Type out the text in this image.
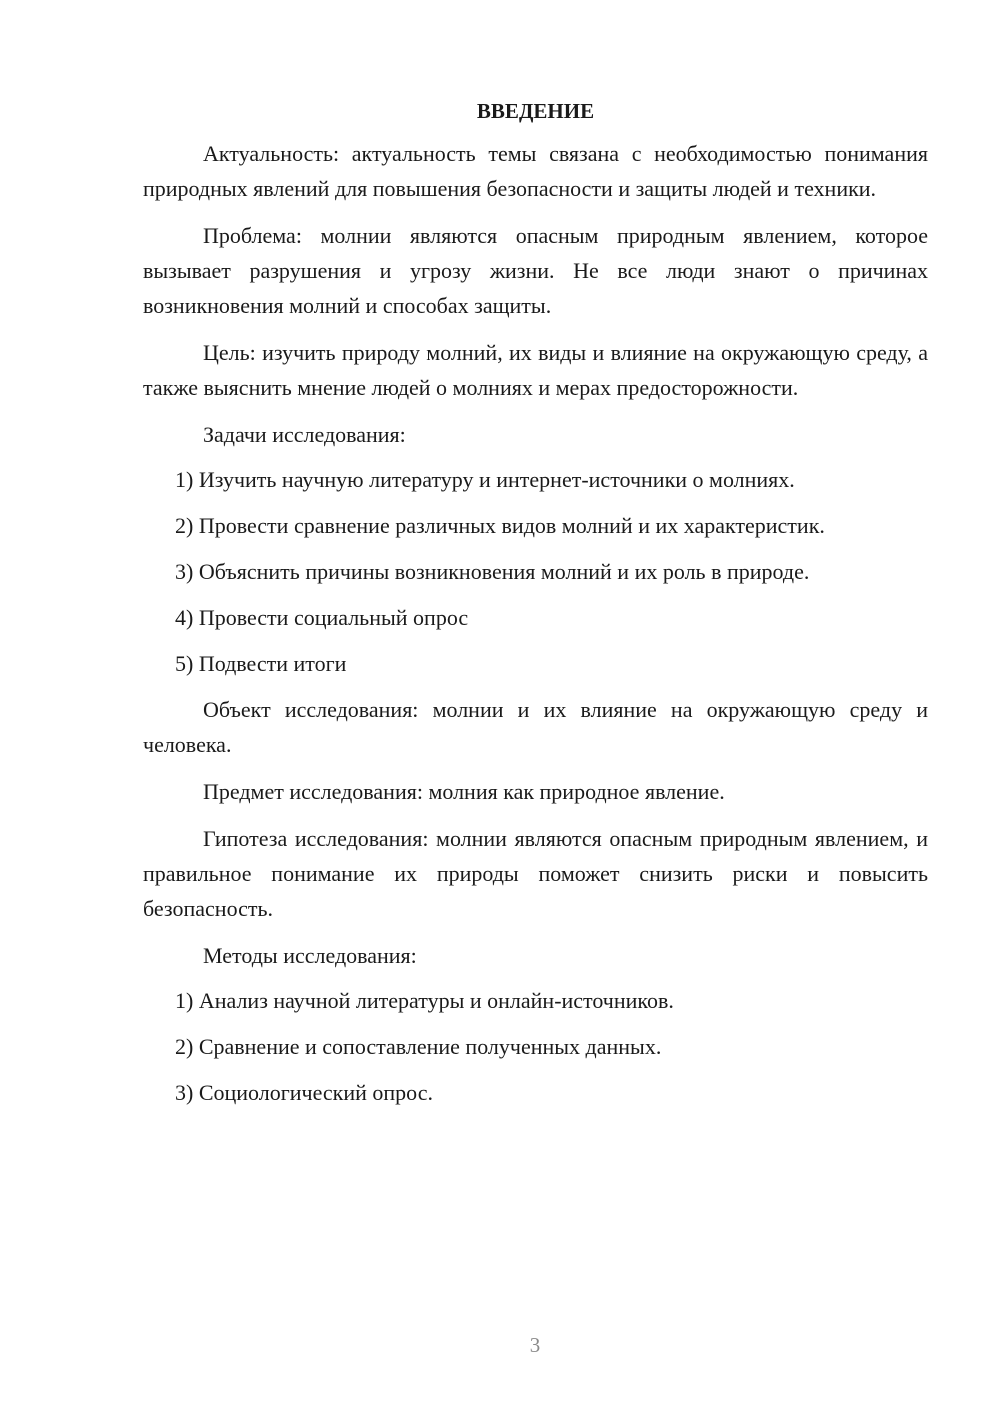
ВВЕДЕНИЕ

Актуальность: актуальность темы связана с необходимостью понимания природных явлений для повышения безопасности и защиты людей и техники.

Проблема: молнии являются опасным природным явлением, которое вызывает разрушения и угрозу жизни. Не все люди знают о причинах возникновения молний и способах защиты.

Цель: изучить природу молний, их виды и влияние на окружающую среду, а также выяснить мнение людей о молниях и мерах предосторожности.

Задачи исследования:

1) Изучить научную литературу и интернет-источники о молниях.
2) Провести сравнение различных видов молний и их характеристик.
3) Объяснить причины возникновения молний и их роль в природе.
4) Провести социальный опрос
5) Подвести итоги

Объект исследования: молнии и их влияние на окружающую среду и человека.

Предмет исследования: молния как природное явление.

Гипотеза исследования: молнии являются опасным природным явлением, и правильное понимание их природы поможет снизить риски и повысить безопасность.

Методы исследования:

1) Анализ научной литературы и онлайн-источников.
2) Сравнение и сопоставление полученных данных.
3) Социологический опрос.
3
